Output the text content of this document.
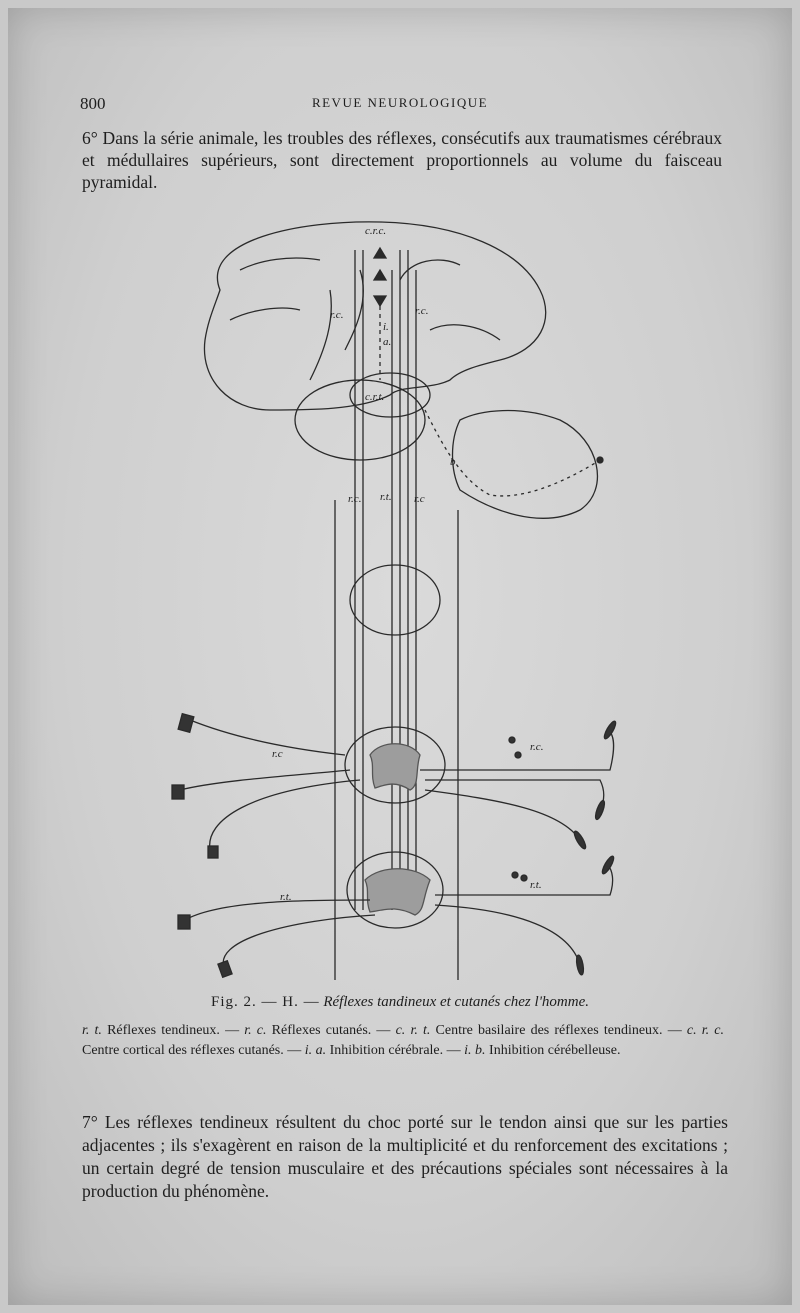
800	REVUE NEUROLOGIQUE

6° Dans la série animale, les troubles des réflexes, consécutifs aux traumatismes cérébraux et médullaires supérieurs, sont directement proportionnels au volume du faisceau pyramidal.

c.r.c.
r.c.	r.c.
i.
a.
c.r.t.
b
r.c. r.t. r.c
r.c
r.c.
r.t.
r.t.
Fig. 2. — H. — Réflexes tandineux et cutanés chez l'homme.

r. t. Réflexes tendineux. — r. c. Réflexes cutanés. — c. r. t. Centre basilaire des réflexes tendineux. — c. r. c. Centre cortical des réflexes cutanés. — i. a. Inhibition cérébrale. — i. b. Inhibition cérébelleuse.

7° Les réflexes tendineux résultent du choc porté sur le tendon ainsi que sur les parties adjacentes ; ils s'exagèrent en raison de la multiplicité et du renforcement des excitations ; un certain degré de tension musculaire et des précautions spéciales sont nécessaires à la production du phénomène.
